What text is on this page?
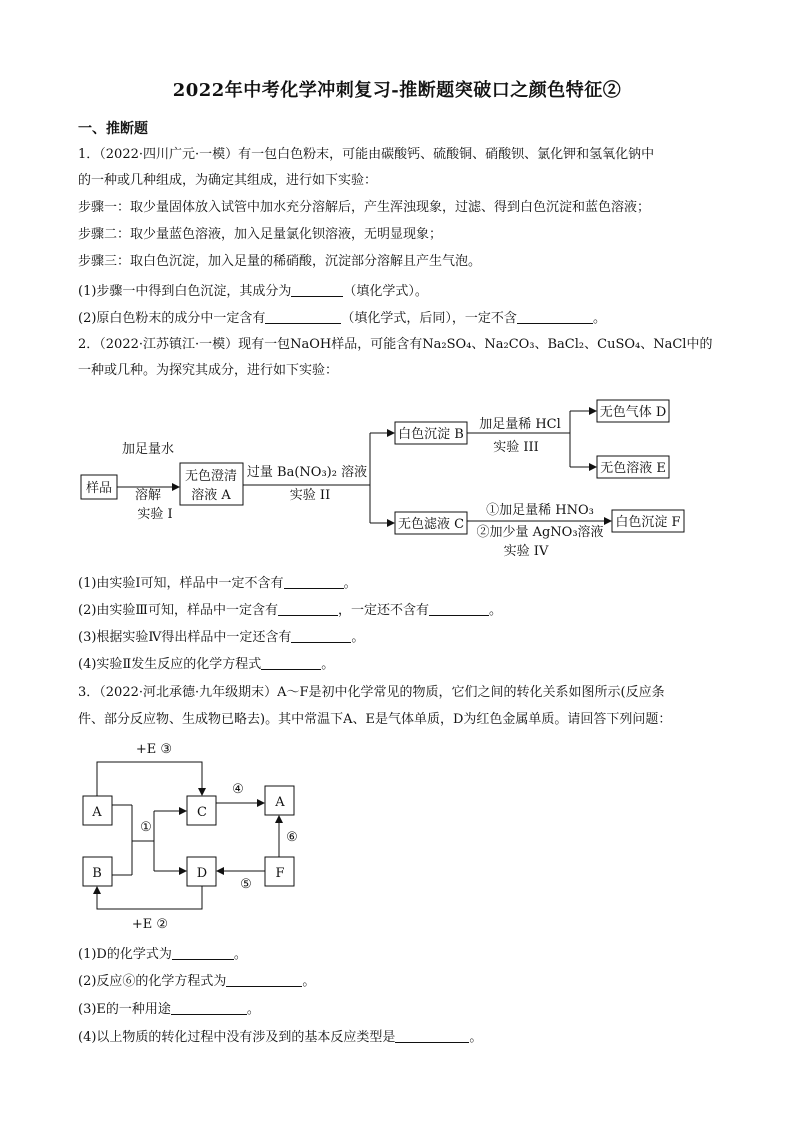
2022年中考化学冲刺复习-推断题突破口之颜色特征②
一、推断题
1．（2022·四川广元·一模）有一包白色粉末，可能由碳酸钙、硫酸铜、硝酸钡、氯化钾和氢氧化钠中
的一种或几种组成，为确定其组成，进行如下实验：
步骤一：取少量固体放入试管中加水充分溶解后，产生浑浊现象，过滤、得到白色沉淀和蓝色溶液；
步骤二：取少量蓝色溶液，加入足量氯化钡溶液，无明显现象；
步骤三：取白色沉淀，加入足量的稀硝酸，沉淀部分溶解且产生气泡。
(1)步骤一中得到白色沉淀，其成分为	（填化学式）。
(2)原白色粉末的成分中一定含有	（填化学式，后同），一定不含	。
2．（2022·江苏镇江·一模）现有一包NaOH样品，可能含有Na₂SO₄、Na₂CO₃、BaCl₂、CuSO₄、NaCl中的
一种或几种。为探究其成分，进行如下实验：
样品
加足量水
溶解
实验 I
无色澄清
溶液 A
过量 Ba(NO₃)₂ 溶液
实验 II
白色沉淀 B
加足量稀 HCl
实验 III
无色气体 D
无色溶液 E
无色滤液 C
①加足量稀 HNO₃
②加少量 AgNO₃溶液
实验 IV
白色沉淀 F
(1)由实验Ⅰ可知，样品中一定不含有	。
(2)由实验Ⅲ可知，样品中一定含有	，一定还不含有	。
(3)根据实验Ⅳ得出样品中一定还含有	。
(4)实验Ⅱ发生反应的化学方程式	。
3．（2022·河北承德·九年级期末）A～F是初中化学常见的物质，它们之间的转化关系如图所示(反应条
件、部分反应物、生成物已略去)。其中常温下A、E是气体单质，D为红色金属单质。请回答下列问题：
A
B
C
D
A
F
+E ③
①
④
⑥
⑤
+E ②
(1)D的化学式为	。
(2)反应⑥的化学方程式为	。
(3)E的一种用途	。
(4)以上物质的转化过程中没有涉及到的基本反应类型是	。
